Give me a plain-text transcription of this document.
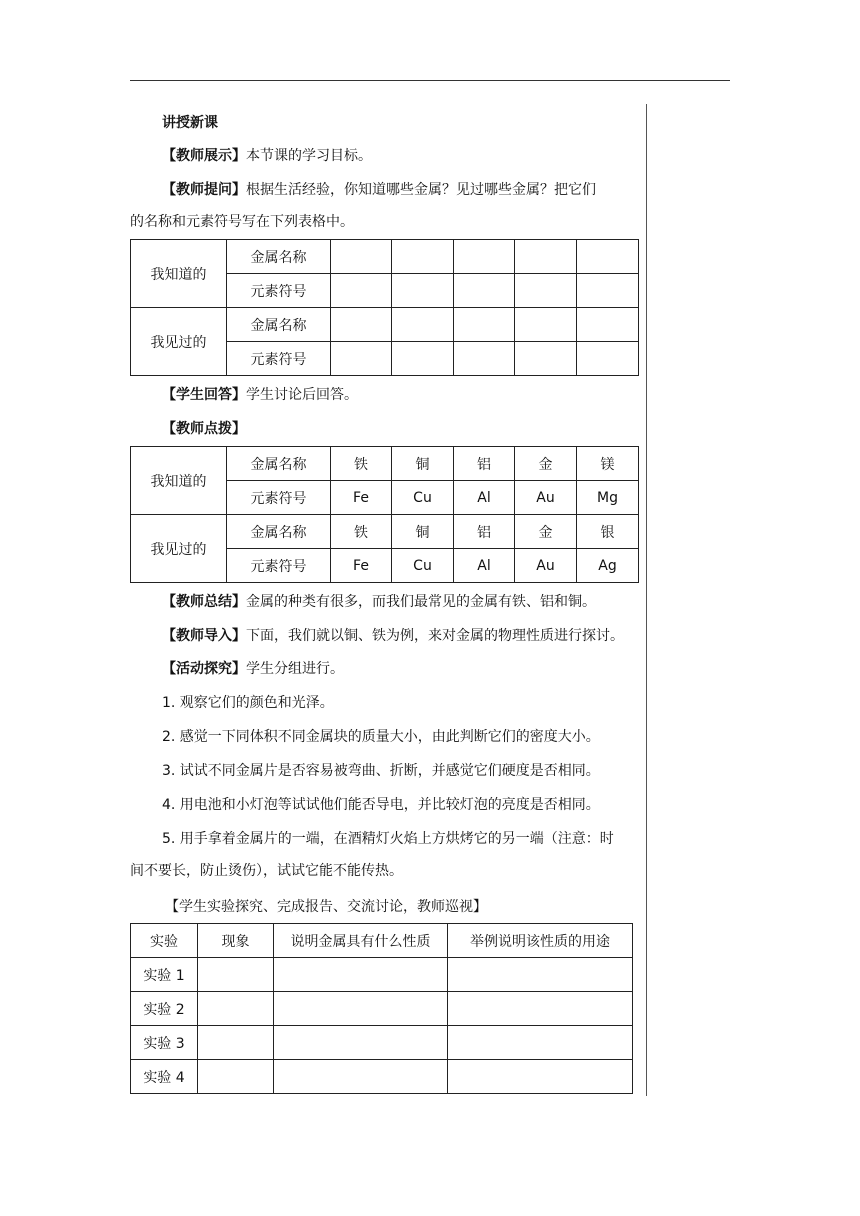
讲授新课
【教师展示】本节课的学习目标。
【教师提问】根据生活经验，你知道哪些金属？见过哪些金属？把它们
的名称和元素符号写在下列表格中。
我知道的	金属名称					
	元素符号					
我见过的	金属名称					
	元素符号					
【学生回答】学生讨论后回答。
【教师点拨】
我知道的	金属名称	铁	铜	铝	金	镁
	元素符号	Fe	Cu	Al	Au	Mg
我见过的	金属名称	铁	铜	铝	金	银
	元素符号	Fe	Cu	Al	Au	Ag
【教师总结】金属的种类有很多，而我们最常见的金属有铁、铝和铜。
【教师导入】下面，我们就以铜、铁为例，来对金属的物理性质进行探讨。
【活动探究】学生分组进行。
1. 观察它们的颜色和光泽。
2. 感觉一下同体积不同金属块的质量大小，由此判断它们的密度大小。
3. 试试不同金属片是否容易被弯曲、折断，并感觉它们硬度是否相同。
4. 用电池和小灯泡等试试他们能否导电，并比较灯泡的亮度是否相同。
5. 用手拿着金属片的一端，在酒精灯火焰上方烘烤它的另一端（注意：时
间不要长，防止烫伤），试试它能不能传热。
【学生实验探究、完成报告、交流讨论，教师巡视】
实验	现象	说明金属具有什么性质	举例说明该性质的用途
实验 1			
实验 2			
实验 3			
实验 4			
